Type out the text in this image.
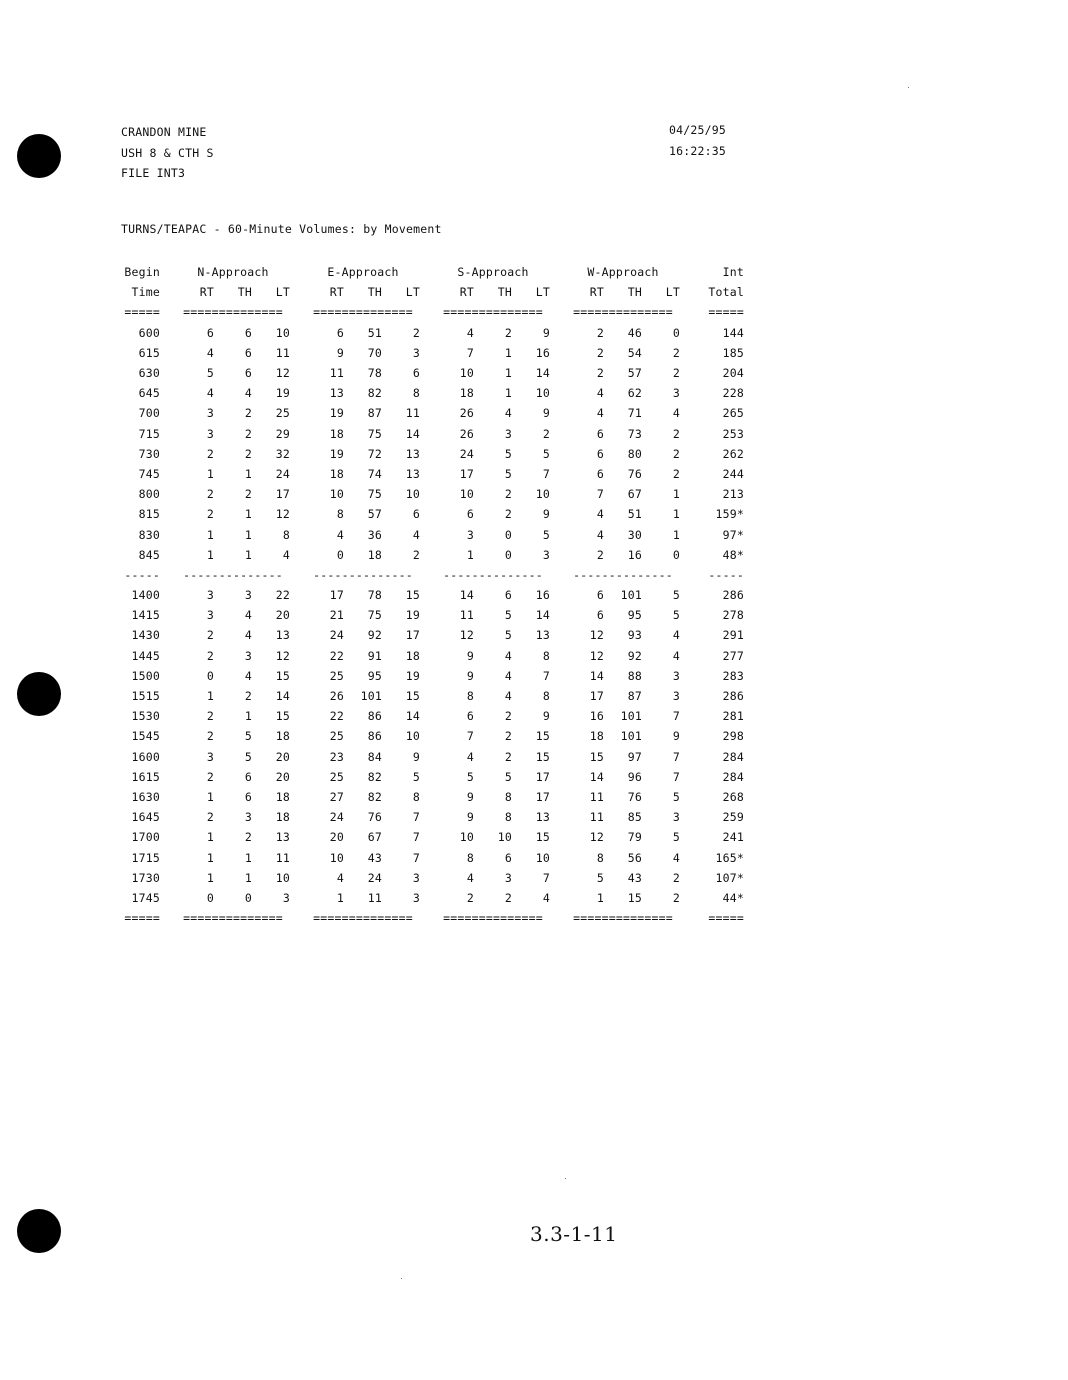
CRANDON MINE
USH 8 & CTH S
FILE INT3
04/25/95
16:22:35
TURNS/TEAPAC - 60-Minute Volumes: by Movement
Begin		N-Approach				E-Approach				S-Approach				W-Approach				Int
Time		RT	TH	LT		RT	TH	LT		RT	TH	LT		RT	TH	LT		Total
=====		==============				==============				==============				==============				=====
600		6	6	10		6	51	2		4	2	9		2	46	0		144
615		4	6	11		9	70	3		7	1	16		2	54	2		185
630		5	6	12		11	78	6		10	1	14		2	57	2		204
645		4	4	19		13	82	8		18	1	10		4	62	3		228
700		3	2	25		19	87	11		26	4	9		4	71	4		265
715		3	2	29		18	75	14		26	3	2		6	73	2		253
730		2	2	32		19	72	13		24	5	5		6	80	2		262
745		1	1	24		18	74	13		17	5	7		6	76	2		244
800		2	2	17		10	75	10		10	2	10		7	67	1		213
815		2	1	12		8	57	6		6	2	9		4	51	1		159*
830		1	1	8		4	36	4		3	0	5		4	30	1		97*
845		1	1	4		0	18	2		1	0	3		2	16	0		48*
-----		--------------				--------------				--------------				--------------				-----
1400		3	3	22		17	78	15		14	6	16		6	101	5		286
1415		3	4	20		21	75	19		11	5	14		6	95	5		278
1430		2	4	13		24	92	17		12	5	13		12	93	4		291
1445		2	3	12		22	91	18		9	4	8		12	92	4		277
1500		0	4	15		25	95	19		9	4	7		14	88	3		283
1515		1	2	14		26	101	15		8	4	8		17	87	3		286
1530		2	1	15		22	86	14		6	2	9		16	101	7		281
1545		2	5	18		25	86	10		7	2	15		18	101	9		298
1600		3	5	20		23	84	9		4	2	15		15	97	7		284
1615		2	6	20		25	82	5		5	5	17		14	96	7		284
1630		1	6	18		27	82	8		9	8	17		11	76	5		268
1645		2	3	18		24	76	7		9	8	13		11	85	3		259
1700		1	2	13		20	67	7		10	10	15		12	79	5		241
1715		1	1	11		10	43	7		8	6	10		8	56	4		165*
1730		1	1	10		4	24	3		4	3	7		5	43	2		107*
1745		0	0	3		1	11	3		2	2	4		1	15	2		44*
=====		==============				==============				==============				==============				=====
3.3-1-11
